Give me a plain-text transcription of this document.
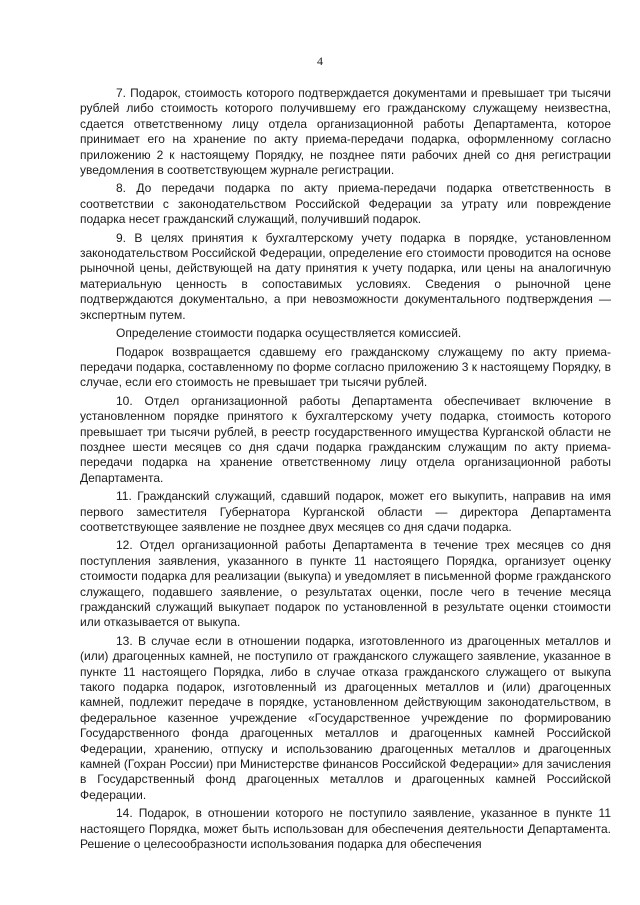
4

7. Подарок, стоимость которого подтверждается документами и превышает три тысячи рублей либо стоимость которого получившему его гражданскому служащему неизвестна, сдается ответственному лицу отдела организационной работы Департамента, которое принимает его на хранение по акту приема-передачи подарка, оформленному согласно приложению 2 к настоящему Порядку, не позднее пяти рабочих дней со дня регистрации уведомления в соответствующем журнале регистрации.

8. До передачи подарка по акту приема-передачи подарка ответственность в соответствии с законодательством Российской Федерации за утрату или повреждение подарка несет гражданский служащий, получивший подарок.

9. В целях принятия к бухгалтерскому учету подарка в порядке, установленном законодательством Российской Федерации, определение его стоимости проводится на основе рыночной цены, действующей на дату принятия к учету подарка, или цены на аналогичную материальную ценность в сопоставимых условиях. Сведения о рыночной цене подтверждаются документально, а при невозможности документального подтверждения — экспертным путем.

Определение стоимости подарка осуществляется комиссией.

Подарок возвращается сдавшему его гражданскому служащему по акту приема-передачи подарка, составленному по форме согласно приложению 3 к настоящему Порядку, в случае, если его стоимость не превышает три тысячи рублей.

10. Отдел организационной работы Департамента обеспечивает включение в установленном порядке принятого к бухгалтерскому учету подарка, стоимость которого превышает три тысячи рублей, в реестр государственного имущества Курганской области не позднее шести месяцев со дня сдачи подарка гражданским служащим по акту приема-передачи подарка на хранение ответственному лицу отдела организационной работы Департамента.

11. Гражданский служащий, сдавший подарок, может его выкупить, направив на имя первого заместителя Губернатора Курганской области — директора Департамента соответствующее заявление не позднее двух месяцев со дня сдачи подарка.

12. Отдел организационной работы Департамента в течение трех месяцев со дня поступления заявления, указанного в пункте 11 настоящего Порядка, организует оценку стоимости подарка для реализации (выкупа) и уведомляет в письменной форме гражданского служащего, подавшего заявление, о результатах оценки, после чего в течение месяца гражданский служащий выкупает подарок по установленной в результате оценки стоимости или отказывается от выкупа.

13. В случае если в отношении подарка, изготовленного из драгоценных металлов и (или) драгоценных камней, не поступило от гражданского служащего заявление, указанное в пункте 11 настоящего Порядка, либо в случае отказа гражданского служащего от выкупа такого подарка подарок, изготовленный из драгоценных металлов и (или) драгоценных камней, подлежит передаче в порядке, установленном действующим законодательством, в федеральное казенное учреждение «Государственное учреждение по формированию Государственного фонда драгоценных металлов и драгоценных камней Российской Федерации, хранению, отпуску и использованию драгоценных металлов и драгоценных камней (Гохран России) при Министерстве финансов Российской Федерации» для зачисления в Государственный фонд драгоценных металлов и драгоценных камней Российской Федерации.

14. Подарок, в отношении которого не поступило заявление, указанное в пункте 11 настоящего Порядка, может быть использован для обеспечения деятельности Департамента. Решение о целесообразности использования подарка для обеспечения
